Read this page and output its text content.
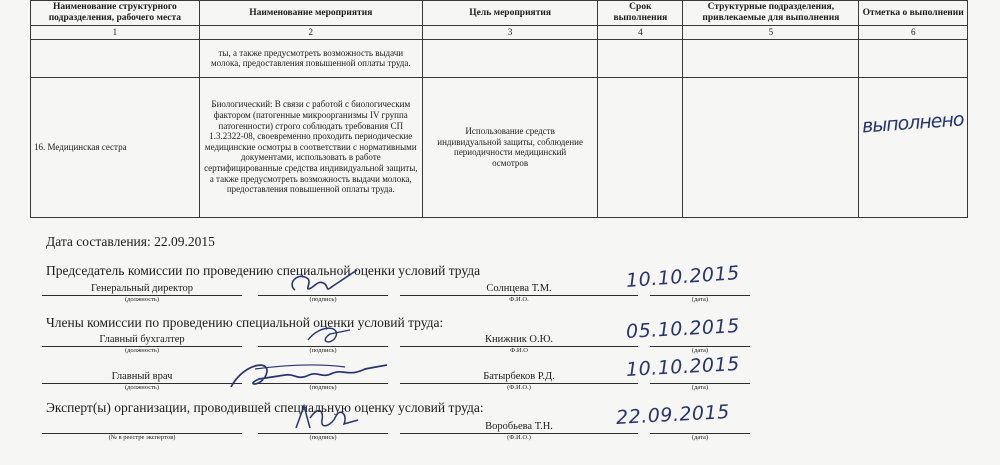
Наименование структурного подразделения, рабочего места	Наименование мероприятия	Цель мероприятия	Срок выполнения	Структурные подразделения, привлекаемые для выполнения	Отметка о выполнении
1	2	3	4	5	6
	ты, а также предусмотреть возможность выдачи молока, предоставления повышенной оплаты труда.				
16. Медицинская сестра	Биологический: В связи с работой с биологическим фактором (патогенные микроорганизмы IV группа патогенности) строго соблюдать требования СП 1.3.2322-08, своевременно проходить периодические медицинские осмотры в соответствии с нормативными документами, использовать в работе сертифицированные средства индивидуальной защиты, а также предусмотреть возможность выдачи молока, предоставления повышенной оплаты труда.	Использование средств индивидуальной защиты, соблюдение периодичности медицинский осмотров			выполнено
Дата составления: 22.09.2015
Председатель комиссии по проведению специальной оценки условий труда
Генеральный директор	Солнцева Т.М.
(должность)	(подпись)	Ф.И.О.	(дата)
10.10.2015
Члены комиссии по проведению специальной оценки условий труда:
Главный бухгалтер	Книжник О.Ю.
(должность)	(подпись)	Ф.И.О	(дата)
05.10.2015
Главный врач	Батырбеков Р.Д.
(должность)	(подпись)	(Ф.И.О.)	(дата)
10.10.2015
Эксперт(ы) организации, проводившей специальную оценку условий труда:
Воробьева Т.Н.
(№ в реестре экспертов)	(подпись)	(Ф.И.О.)	(дата)
22.09.2015
